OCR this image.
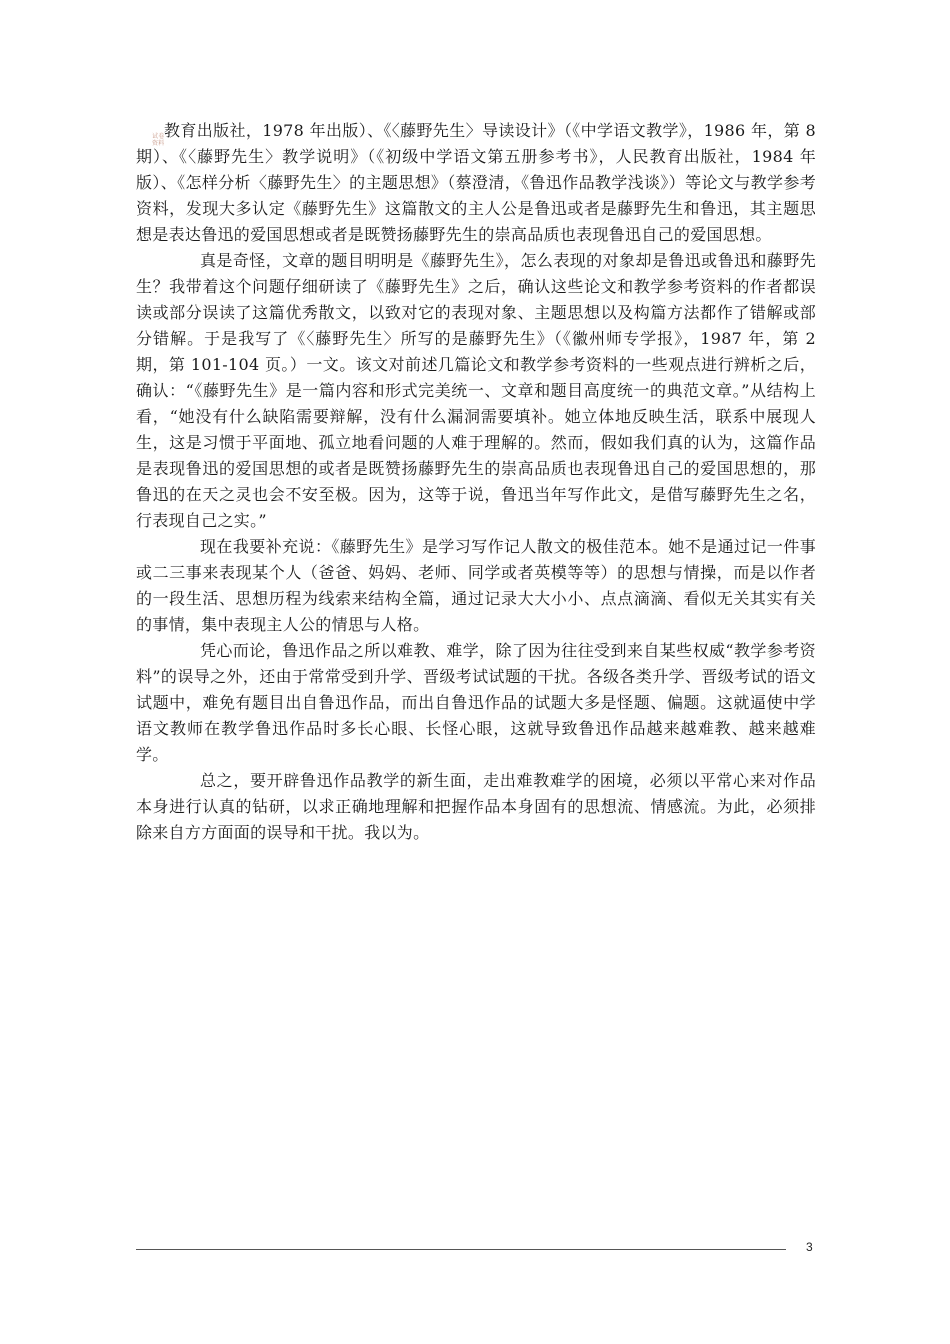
试卷
资料

教育出版社，1978 年出版）、《〈藤野先生〉导读设计》（《中学语文教学》，1986 年，第 8 期）、《〈藤野先生〉教学说明》（《初级中学语文第五册参考书》，人民教育出版社，1984 年版）、《怎样分析〈藤野先生〉的主题思想》（蔡澄清，《鲁迅作品教学浅谈》）等论文与教学参考资料，发现大多认定《藤野先生》这篇散文的主人公是鲁迅或者是藤野先生和鲁迅，其主题思想是表达鲁迅的爱国思想或者是既赞扬藤野先生的崇高品质也表现鲁迅自己的爱国思想。

真是奇怪，文章的题目明明是《藤野先生》，怎么表现的对象却是鲁迅或鲁迅和藤野先生？我带着这个问题仔细研读了《藤野先生》之后，确认这些论文和教学参考资料的作者都误读或部分误读了这篇优秀散文，以致对它的表现对象、主题思想以及构篇方法都作了错解或部分错解。于是我写了《〈藤野先生〉所写的是藤野先生》（《徽州师专学报》，1987 年，第 2 期，第 101-104 页。）一文。该文对前述几篇论文和教学参考资料的一些观点进行辨析之后，确认：“《藤野先生》是一篇内容和形式完美统一、文章和题目高度统一的典范文章。”从结构上看，“她没有什么缺陷需要辩解，没有什么漏洞需要填补。她立体地反映生活，联系中展现人生，这是习惯于平面地、孤立地看问题的人难于理解的。然而，假如我们真的认为，这篇作品是表现鲁迅的爱国思想的或者是既赞扬藤野先生的崇高品质也表现鲁迅自己的爱国思想的，那鲁迅的在天之灵也会不安至极。因为，这等于说，鲁迅当年写作此文，是借写藤野先生之名，行表现自己之实。”

现在我要补充说：《藤野先生》是学习写作记人散文的极佳范本。她不是通过记一件事或二三事来表现某个人（爸爸、妈妈、老师、同学或者英模等等）的思想与情操，而是以作者的一段生活、思想历程为线索来结构全篇，通过记录大大小小、点点滴滴、看似无关其实有关的事情，集中表现主人公的情思与人格。

凭心而论，鲁迅作品之所以难教、难学，除了因为往往受到来自某些权威“教学参考资料”的误导之外，还由于常常受到升学、晋级考试试题的干扰。各级各类升学、晋级考试的语文试题中，难免有题目出自鲁迅作品，而出自鲁迅作品的试题大多是怪题、偏题。这就逼使中学语文教师在教学鲁迅作品时多长心眼、长怪心眼，这就导致鲁迅作品越来越难教、越来越难学。

总之，要开辟鲁迅作品教学的新生面，走出难教难学的困境，必须以平常心来对作品本身进行认真的钻研，以求正确地理解和把握作品本身固有的思想流、情感流。为此，必须排除来自方方面面的误导和干扰。我以为。

3
